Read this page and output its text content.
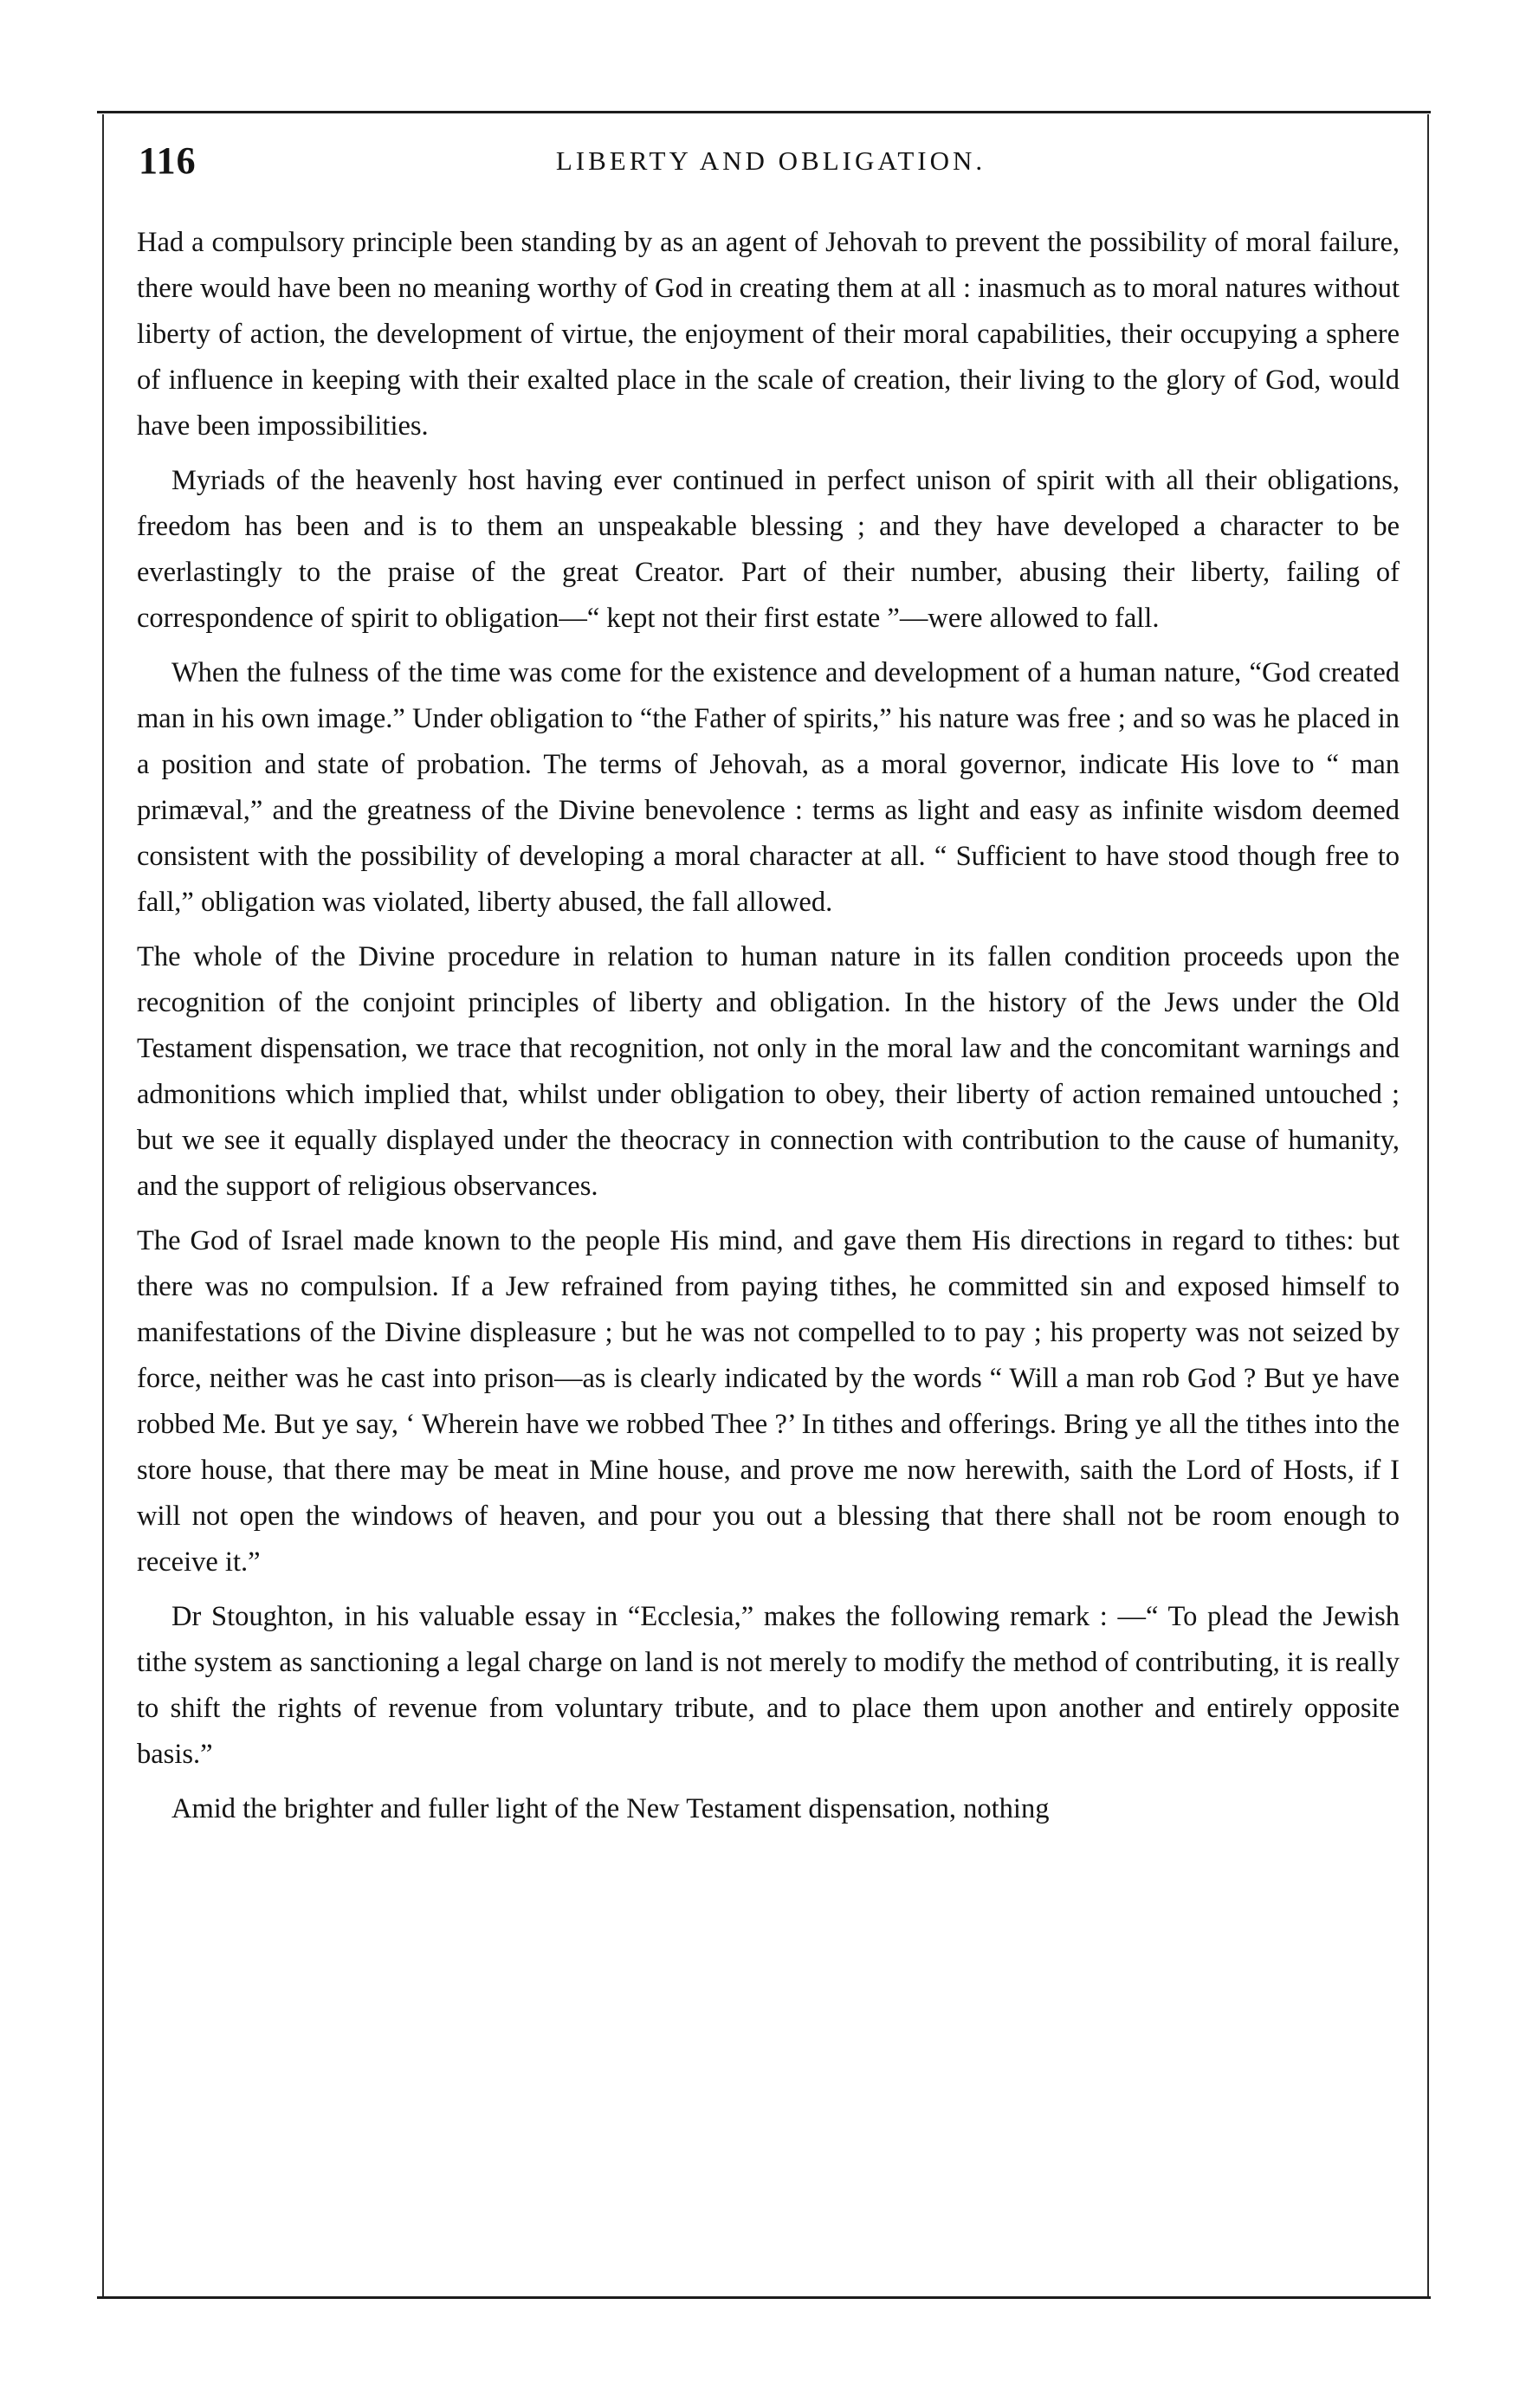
116	LIBERTY AND OBLIGATION.

Had a compulsory principle been standing by as an agent of Jehovah to prevent the possibility of moral failure, there would have been no meaning worthy of God in creating them at all : inasmuch as to moral natures without liberty of action, the development of virtue, the enjoyment of their moral capabilities, their occupying a sphere of influence in keeping with their exalted place in the scale of creation, their living to the glory of God, would have been impossibilities.

Myriads of the heavenly host having ever continued in perfect unison of spirit with all their obligations, freedom has been and is to them an unspeakable blessing ; and they have developed a character to be everlastingly to the praise of the great Creator. Part of their number, abusing their liberty, failing of correspondence of spirit to obligation—“ kept not their first estate ”—were allowed to fall.

When the fulness of the time was come for the existence and development of a human nature, “God created man in his own image.” Under obligation to “the Father of spirits,” his nature was free ; and so was he placed in a position and state of probation. The terms of Jehovah, as a moral governor, indicate His love to “ man primæval,” and the greatness of the Divine benevolence : terms as light and easy as infinite wisdom deemed consistent with the possibility of developing a moral character at all. “ Sufficient to have stood though free to fall,” obligation was violated, liberty abused, the fall allowed.

The whole of the Divine procedure in relation to human nature in its fallen condition proceeds upon the recognition of the conjoint principles of liberty and obligation. In the history of the Jews under the Old Testament dispensation, we trace that recognition, not only in the moral law and the concomitant warnings and admonitions which implied that, whilst under obligation to obey, their liberty of action remained untouched ; but we see it equally displayed under the theocracy in connection with contribution to the cause of humanity, and the support of religious observances.

The God of Israel made known to the people His mind, and gave them His directions in regard to tithes: but there was no compulsion. If a Jew refrained from paying tithes, he committed sin and exposed himself to manifestations of the Divine displeasure ; but he was not compelled to to pay ; his property was not seized by force, neither was he cast into prison—as is clearly indicated by the words “ Will a man rob God ? But ye have robbed Me. But ye say, ‘ Wherein have we robbed Thee ?’ In tithes and offerings. Bring ye all the tithes into the store house, that there may be meat in Mine house, and prove me now herewith, saith the Lord of Hosts, if I will not open the windows of heaven, and pour you out a blessing that there shall not be room enough to receive it.”

Dr Stoughton, in his valuable essay in “Ecclesia,” makes the following remark : —“ To plead the Jewish tithe system as sanctioning a legal charge on land is not merely to modify the method of contributing, it is really to shift the rights of revenue from voluntary tribute, and to place them upon another and entirely opposite basis.”

Amid the brighter and fuller light of the New Testament dispensation, nothing
